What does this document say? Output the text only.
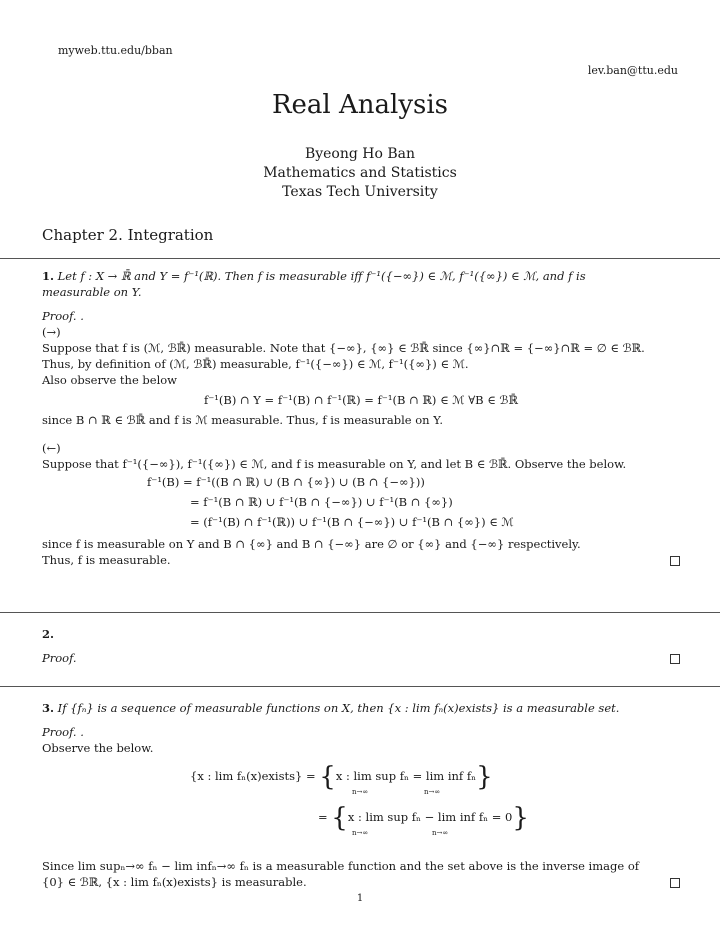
myweb.ttu.edu/bban
lev.ban@ttu.edu
Real Analysis
Byeong Ho Ban
Mathematics and Statistics
Texas Tech University
Chapter 2. Integration
1. Let f : X → ℝ̄ and Y = f⁻¹(ℝ). Then f is measurable iff f⁻¹({−∞}) ∈ ℳ, f⁻¹({∞}) ∈ ℳ, and f is
measurable on Y.
Proof. .
(→)
Suppose that f is (ℳ, ℬℝ̄) measurable. Note that {−∞}, {∞} ∈ ℬℝ̄ since {∞}∩ℝ = {−∞}∩ℝ = ∅ ∈ ℬℝ.
Thus, by definition of (ℳ, ℬℝ̄) measurable, f⁻¹({−∞}) ∈ ℳ, f⁻¹({∞}) ∈ ℳ.
Also observe the below
f⁻¹(B) ∩ Y = f⁻¹(B) ∩ f⁻¹(ℝ) = f⁻¹(B ∩ ℝ) ∈ ℳ ∀B ∈ ℬℝ̄
since B ∩ ℝ ∈ ℬℝ̄ and f is ℳ measurable. Thus, f is measurable on Y.
(←)
Suppose that f⁻¹({−∞}), f⁻¹({∞}) ∈ ℳ, and f is measurable on Y, and let B ∈ ℬℝ̄. Observe the below.
f⁻¹(B) = f⁻¹((B ∩ ℝ) ∪ (B ∩ {∞}) ∪ (B ∩ {−∞}))
= f⁻¹(B ∩ ℝ) ∪ f⁻¹(B ∩ {−∞}) ∪ f⁻¹(B ∩ {∞})
= (f⁻¹(B) ∩ f⁻¹(ℝ)) ∪ f⁻¹(B ∩ {−∞}) ∪ f⁻¹(B ∩ {∞}) ∈ ℳ
since f is measurable on Y and B ∩ {∞} and B ∩ {−∞} are ∅ or {∞} and {−∞} respectively.
Thus, f is measurable.
2.
Proof.
3. If {fₙ} is a sequence of measurable functions on X, then {x : lim fₙ(x)exists} is a measurable set.
Proof. .
Observe the below.
{x : lim fₙ(x)exists} = {x : lim sup fₙ = lim inf fₙ}
n→∞	n→∞
= {x : lim sup fₙ − lim inf fₙ = 0}
n→∞	n→∞
Since lim supₙ→∞ fₙ − lim infₙ→∞ fₙ is a measurable function and the set above is the inverse image of
{0} ∈ ℬℝ, {x : lim fₙ(x)exists} is measurable.
1
